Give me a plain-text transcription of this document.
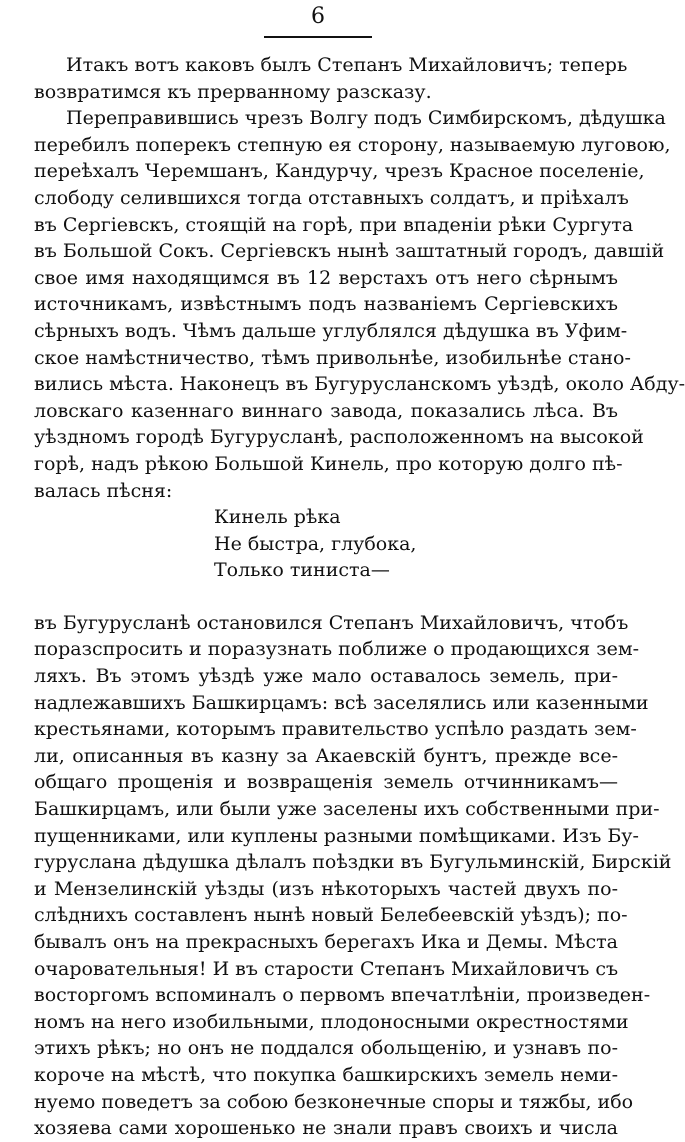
6

Итакъ вотъ каковъ былъ Степанъ Михайловичъ; теперь
возвратимся къ прерванному разсказу.

Переправившись чрезъ Волгу подъ Симбирскомъ, дѣдушка
перебилъ поперекъ степную ея сторону, называемую луговою,
переѣхалъ Черемшанъ, Кандурчу, чрезъ Красное поселеніе,
слободу селившихся тогда отставныхъ солдатъ, и пріѣхалъ
въ Сергіевскъ, стоящій на горѣ, при впаденіи рѣки Сургута
въ Большой Сокъ. Сергіевскъ нынѣ заштатный городъ, давшій
свое имя находящимся въ 12 верстахъ отъ него сѣрнымъ
источникамъ, извѣстнымъ подъ названіемъ Сергіевскихъ
сѣрныхъ водъ. Чѣмъ дальше углублялся дѣдушка въ Уфим-
ское намѣстничество, тѣмъ привольнѣе, изобильнѣе стано-
вились мѣста. Наконецъ въ Бугурусланскомъ уѣздѣ, около Абду-
ловскаго казеннаго виннаго завода, показались лѣса. Въ
уѣздномъ городѣ Бугурусланѣ, расположенномъ на высокой
горѣ, надъ рѣкою Большой Кинель, про которую долго пѣ-
валась пѣсня:

Кинель рѣка
Не быстра, глубока,
Только тиниста—

въ Бугурусланѣ остановился Степанъ Михайловичъ, чтобъ
поразспросить и поразузнать поближе о продающихся зем-
ляхъ. Въ этомъ уѣздѣ уже мало оставалось земель, при-
надлежавшихъ Башкирцамъ: всѣ заселялись или казенными
крестьянами, которымъ правительство успѣло раздать зем-
ли, описанныя въ казну за Акаевскій бунтъ, прежде все-
общаго прощенія и возвращенія земель отчинникамъ—
Башкирцамъ, или были уже заселены ихъ собственными при-
пущенниками, или куплены разными помѣщиками. Изъ Бу-
гуруслана дѣдушка дѣлалъ поѣздки въ Бугульминскій, Бирскій
и Мензелинскій уѣзды (изъ нѣкоторыхъ частей двухъ по-
слѣднихъ составленъ нынѣ новый Белебеевскій уѣздъ); по-
бывалъ онъ на прекрасныхъ берегахъ Ика и Демы. Мѣста
очаровательныя! И въ старости Степанъ Михайловичъ съ
восторгомъ вспоминалъ о первомъ впечатлѣніи, произведен-
номъ на него изобильными, плодоносными окрестностями
этихъ рѣкъ; но онъ не поддался обольщенію, и узнавъ по-
короче на мѣстѣ, что покупка башкирскихъ земель неми-
нуемо поведетъ за собою безконечные споры и тяжбы, ибо
хозяева сами хорошенько не знали правъ своихъ и числа
